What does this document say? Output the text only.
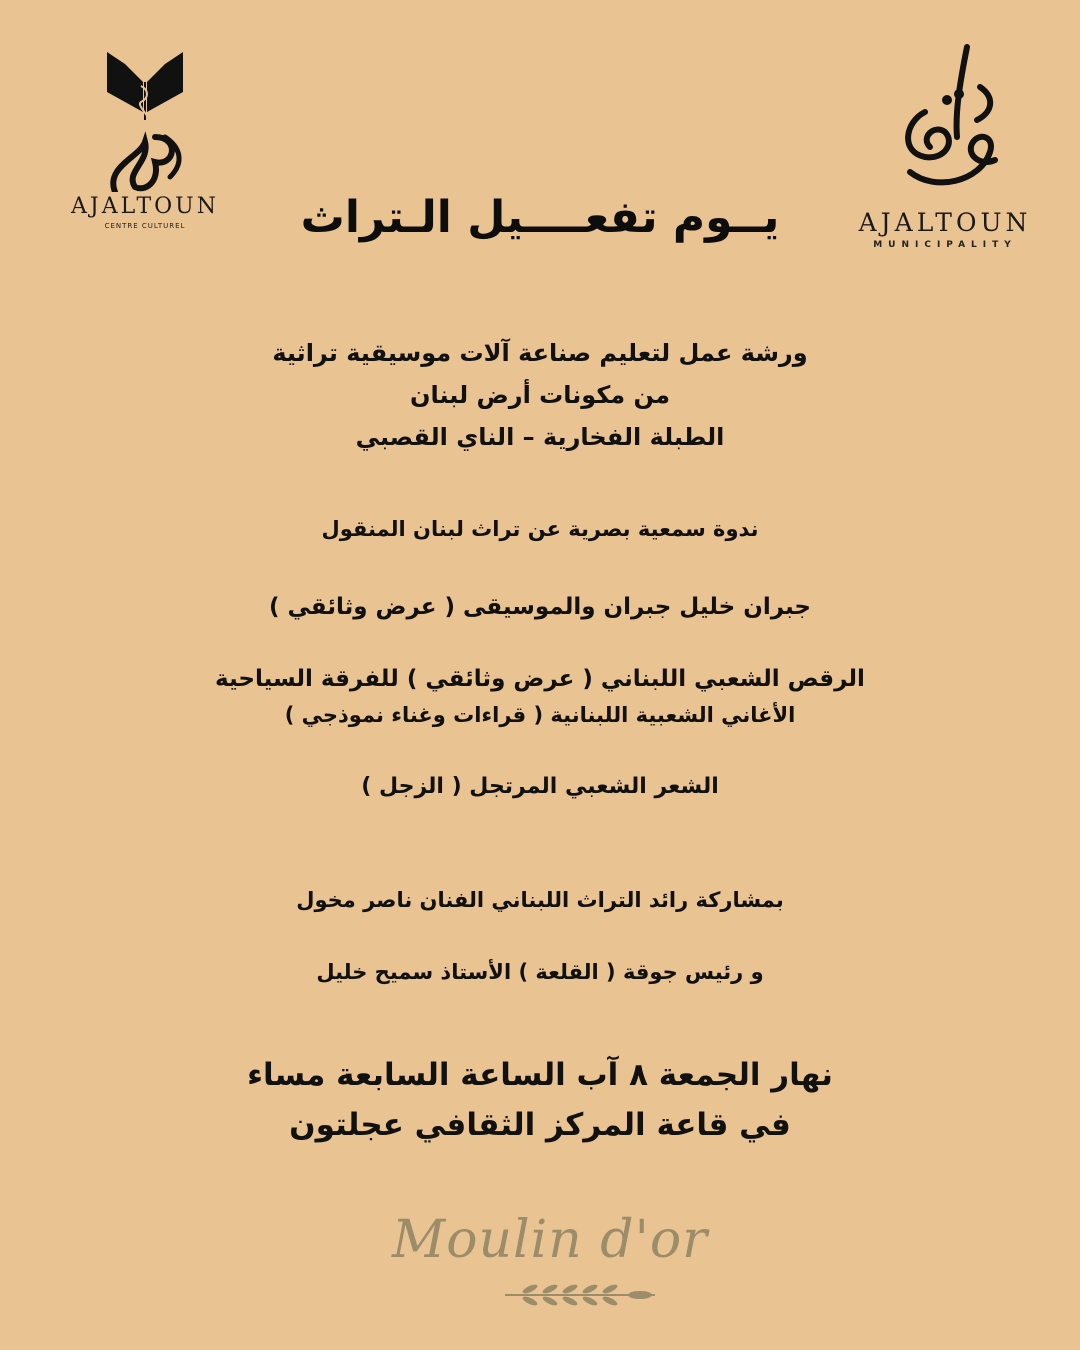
AJALTOUN
CENTRE CULTUREL	AJALTOUN
MUNICIPALITY
يــوم تفعــــيل الـتراث
ورشة عمل لتعليم صناعة آلات موسيقية تراثية
من مكونات أرض لبنان
الطبلة الفخارية – الناي القصبي
ندوة سمعية بصرية عن تراث لبنان المنقول
جبران خليل جبران والموسيقى ( عرض وثائقي )
الرقص الشعبي اللبناني ( عرض وثائقي ) للفرقة السياحية
الأغاني الشعبية اللبنانية ( قراءات وغناء نموذجي )
الشعر الشعبي المرتجل ( الزجل )
بمشاركة رائد التراث اللبناني الفنان ناصر مخول
و رئيس جوقة ( القلعة ) الأستاذ سميح خليل
نهار الجمعة ٨ آب الساعة السابعة مساء
في قاعة المركز الثقافي عجلتون
Moulin d'or
